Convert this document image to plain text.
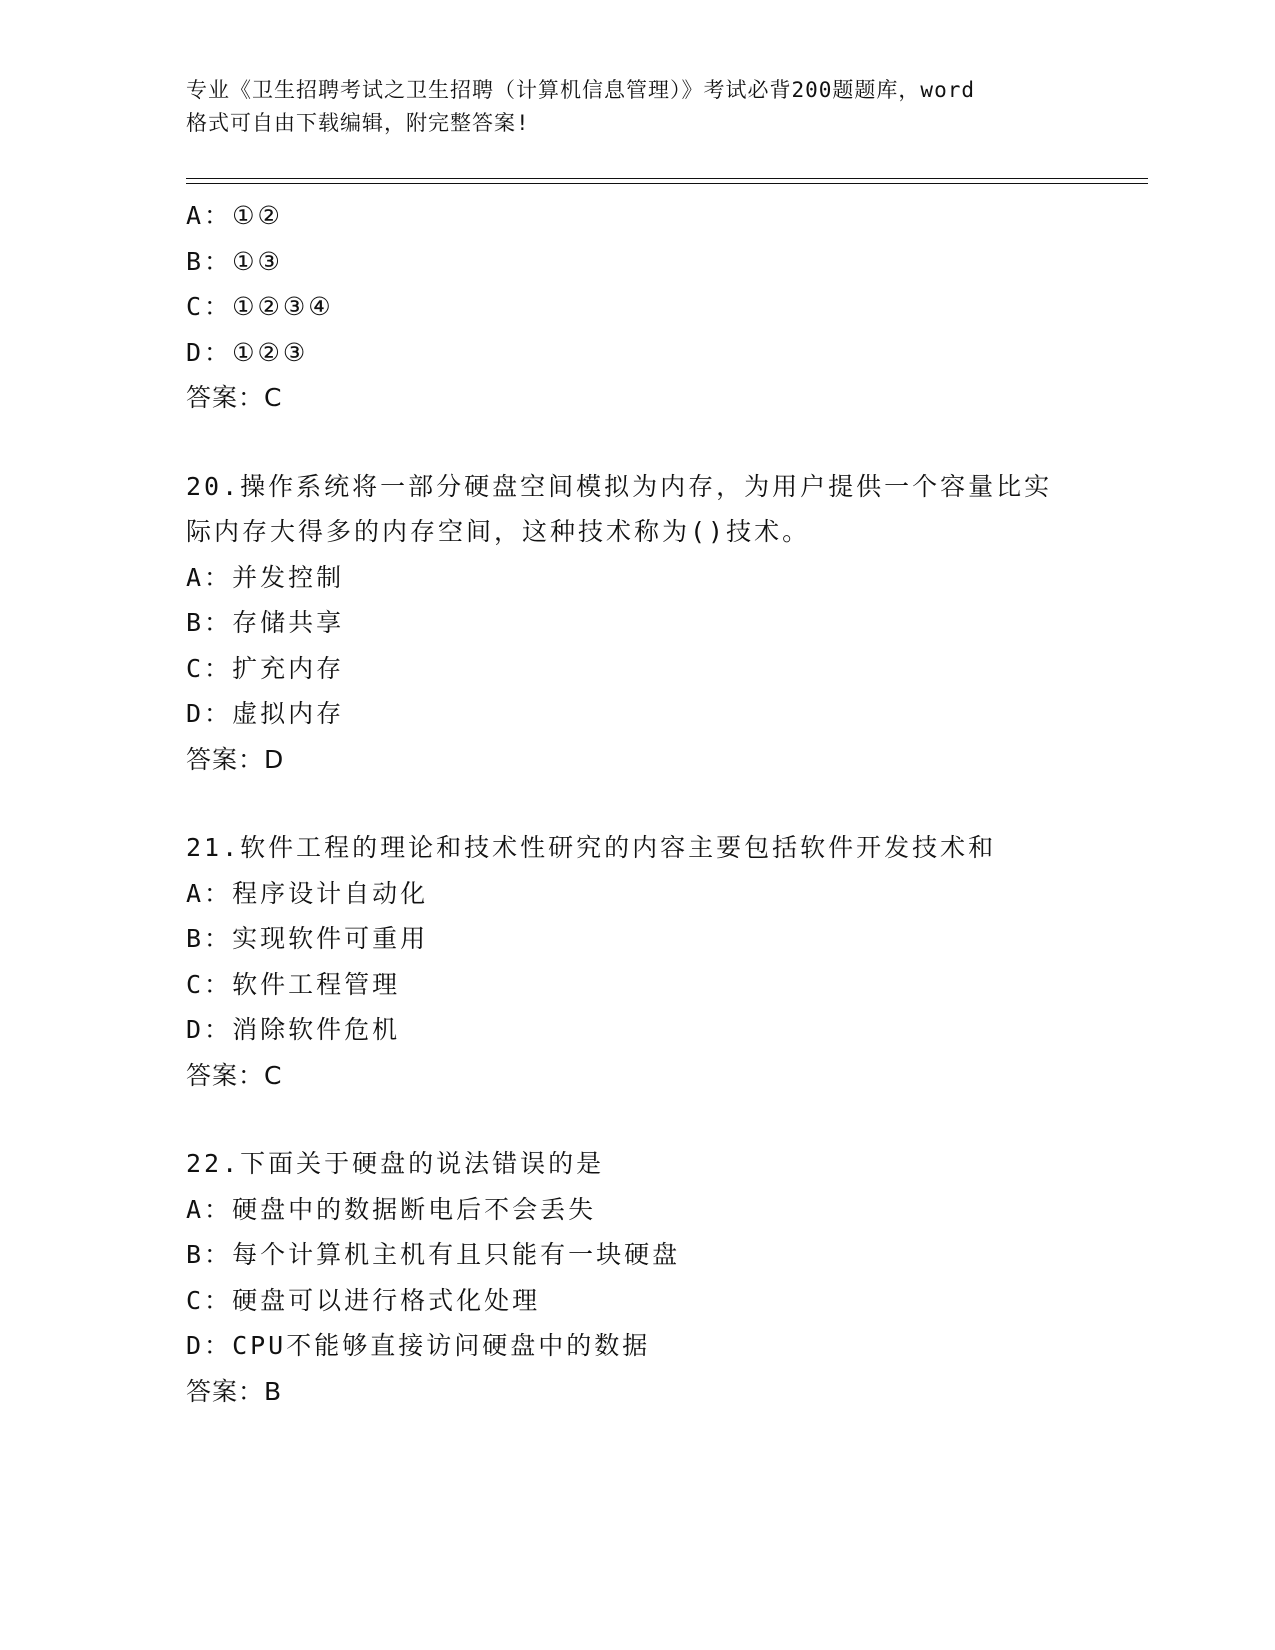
专业《卫生招聘考试之卫生招聘（计算机信息管理）》考试必背200题题库，word
格式可自由下载编辑，附完整答案!
A：①②
B：①③
C：①②③④
D：①②③
答案：C
20.操作系统将一部分硬盘空间模拟为内存，为用户提供一个容量比实
际内存大得多的内存空间，这种技术称为()技术。
A：并发控制
B：存储共享
C：扩充内存
D：虚拟内存
答案：D
21.软件工程的理论和技术性研究的内容主要包括软件开发技术和
A：程序设计自动化
B：实现软件可重用
C：软件工程管理
D：消除软件危机
答案：C
22.下面关于硬盘的说法错误的是
A：硬盘中的数据断电后不会丢失
B：每个计算机主机有且只能有一块硬盘
C：硬盘可以进行格式化处理
D：CPU不能够直接访问硬盘中的数据
答案：B
